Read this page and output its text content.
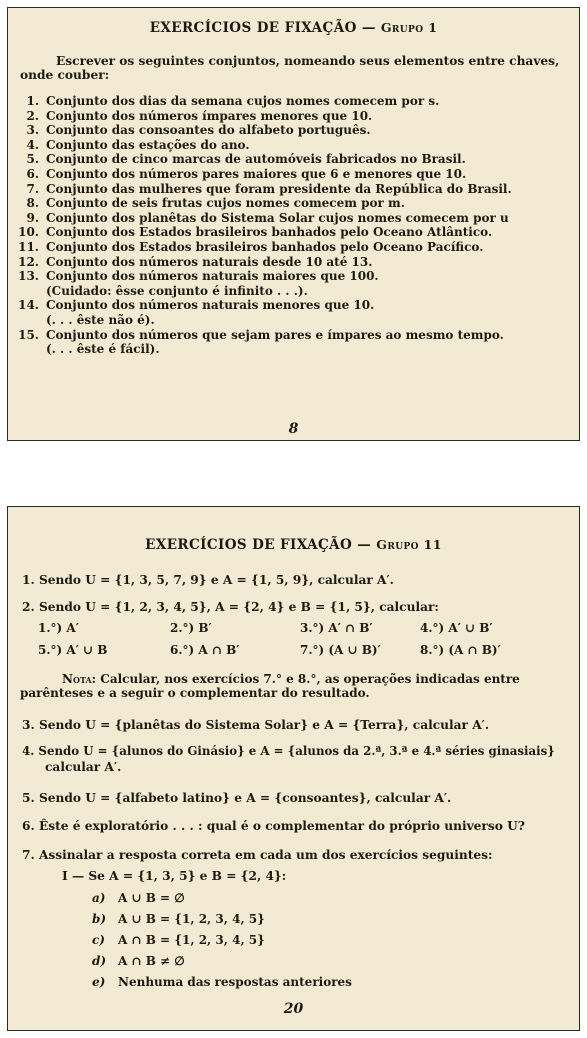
EXERCÍCIOS DE FIXAÇÃO — Grupo 1
Escrever os seguintes conjuntos, nomeando seus elementos entre chaves, onde couber:
1. Conjunto dos dias da semana cujos nomes comecem por s.
2. Conjunto dos números ímpares menores que 10.
3. Conjunto das consoantes do alfabeto português.
4. Conjunto das estações do ano.
5. Conjunto de cinco marcas de automóveis fabricados no Brasil.
6. Conjunto dos números pares maiores que 6 e menores que 10.
7. Conjunto das mulheres que foram presidente da República do Brasil.
8. Conjunto de seis frutas cujos nomes comecem por m.
9. Conjunto dos planêtas do Sistema Solar cujos nomes comecem por u
10. Conjunto dos Estados brasileiros banhados pelo Oceano Atlântico.
11. Conjunto dos Estados brasileiros banhados pelo Oceano Pacífico.
12. Conjunto dos números naturais desde 10 até 13.
13. Conjunto dos números naturais maiores que 100.
(Cuidado: êsse conjunto é infinito . . .).
14. Conjunto dos números naturais menores que 10.
(. . . êste não é).
15. Conjunto dos números que sejam pares e ímpares ao mesmo tempo.
(. . . êste é fácil).
8
EXERCÍCIOS DE FIXAÇÃO — Grupo 11
1. Sendo U = {1, 3, 5, 7, 9} e A = {1, 5, 9}, calcular A′.
2. Sendo U = {1, 2, 3, 4, 5}, A = {2, 4} e B = {1, 5}, calcular:
1.°) A′	2.°) B′	3.°) A′ ∩ B′	4.°) A′ ∪ B′
5.°) A′ ∪ B	6.°) A ∩ B′	7.°) (A ∪ B)′	8.°) (A ∩ B)′
Nota: Calcular, nos exercícios 7.° e 8.°, as operações indicadas entre parênteses e a seguir o complementar do resultado.
3. Sendo U = {planêtas do Sistema Solar} e A = {Terra}, calcular A′.
4. Sendo U = {alunos do Ginásio} e A = {alunos da 2.ª, 3.ª e 4.ª séries ginasiais}
calcular A′.
5. Sendo U = {alfabeto latino} e A = {consoantes}, calcular A′.
6. Êste é exploratório . . . : qual é o complementar do próprio universo U?
7. Assinalar a resposta correta em cada um dos exercícios seguintes:
I — Se A = {1, 3, 5} e B = {2, 4}:
a) A ∪ B = ∅
b) A ∪ B = {1, 2, 3, 4, 5}
c) A ∩ B = {1, 2, 3, 4, 5}
d) A ∩ B ≠ ∅
e) Nenhuma das respostas anteriores
20
